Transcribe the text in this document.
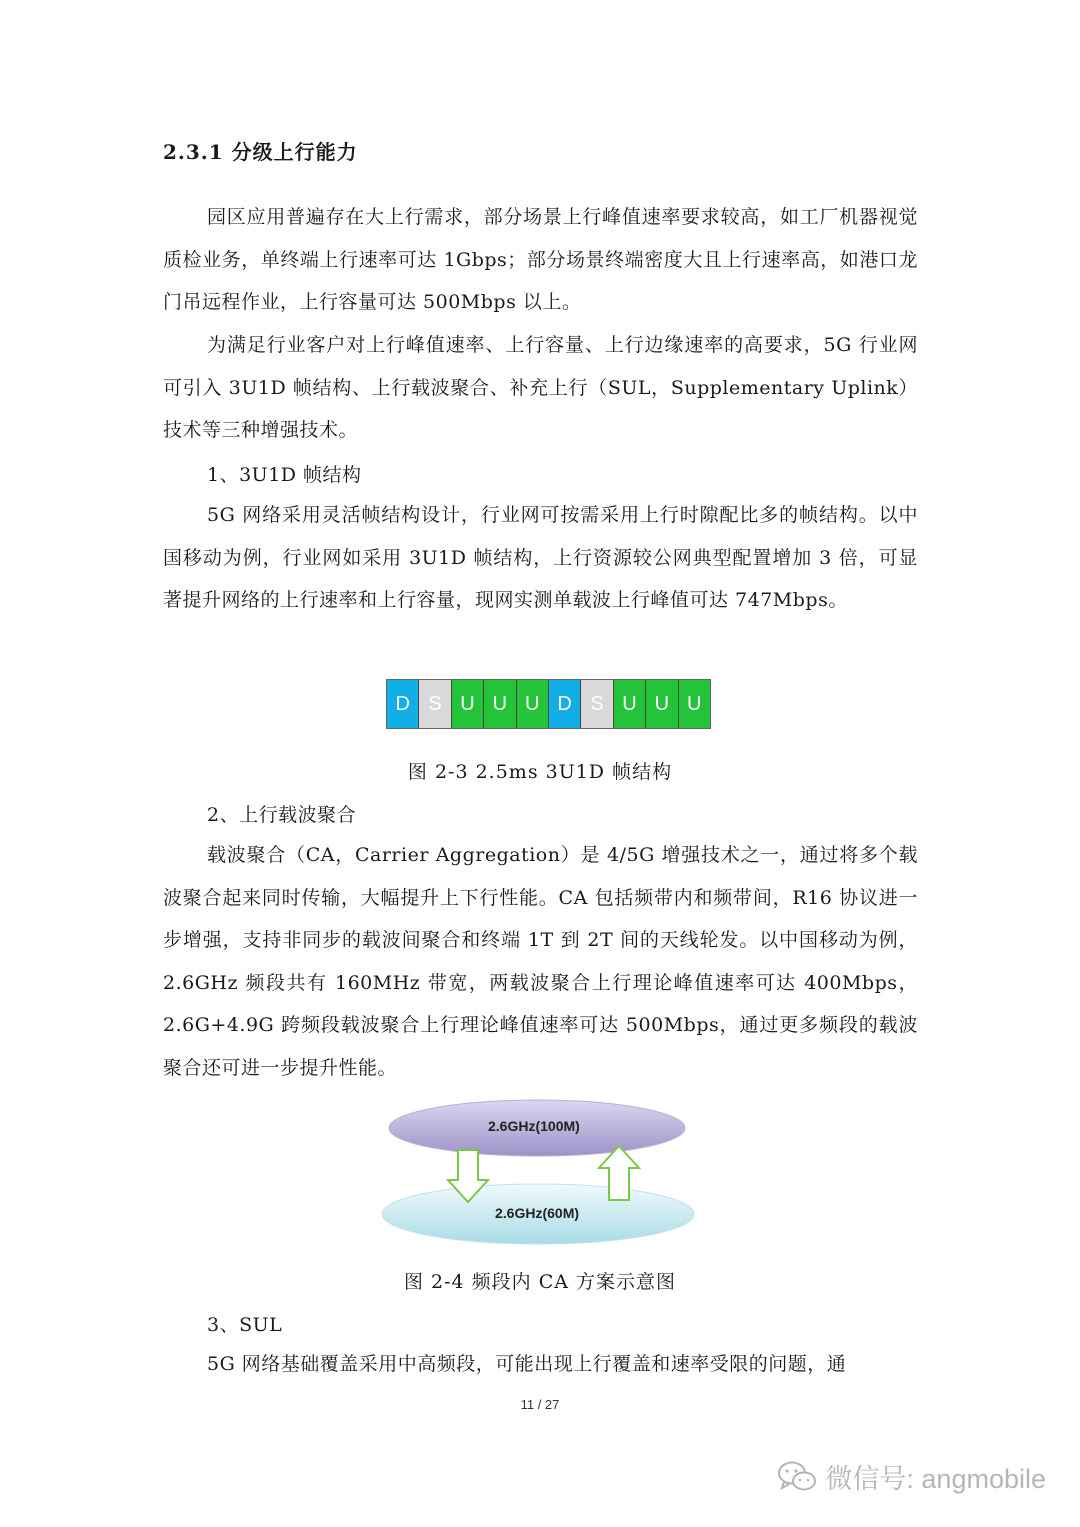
2.3.1 分级上行能力
园区应用普遍存在大上行需求，部分场景上行峰值速率要求较高，如工厂机器视觉质检业务，单终端上行速率可达 1Gbps；部分场景终端密度大且上行速率高，如港口龙门吊远程作业，上行容量可达 500Mbps 以上。
为满足行业客户对上行峰值速率、上行容量、上行边缘速率的高要求，5G 行业网可引入 3U1D 帧结构、上行载波聚合、补充上行（SUL，Supplementary Uplink）技术等三种增强技术。
1、3U1D 帧结构
5G 网络采用灵活帧结构设计，行业网可按需采用上行时隙配比多的帧结构。以中国移动为例，行业网如采用 3U1D 帧结构，上行资源较公网典型配置增加 3 倍，可显著提升网络的上行速率和上行容量，现网实测单载波上行峰值可达 747Mbps。
D S U U U D S U U U
图 2-3 2.5ms 3U1D 帧结构
2、上行载波聚合
载波聚合（CA，Carrier Aggregation）是 4/5G 增强技术之一，通过将多个载波聚合起来同时传输，大幅提升上下行性能。CA 包括频带内和频带间，R16 协议进一步增强，支持非同步的载波间聚合和终端 1T 到 2T 间的天线轮发。以中国移动为例，2.6GHz 频段共有 160MHz 带宽，两载波聚合上行理论峰值速率可达 400Mbps，2.6G+4.9G 跨频段载波聚合上行理论峰值速率可达 500Mbps，通过更多频段的载波聚合还可进一步提升性能。
2.6GHz(100M)
2.6GHz(60M)
图 2-4 频段内 CA 方案示意图
3、SUL
5G 网络基础覆盖采用中高频段，可能出现上行覆盖和速率受限的问题，通
11 / 27
微信号: angmobile
